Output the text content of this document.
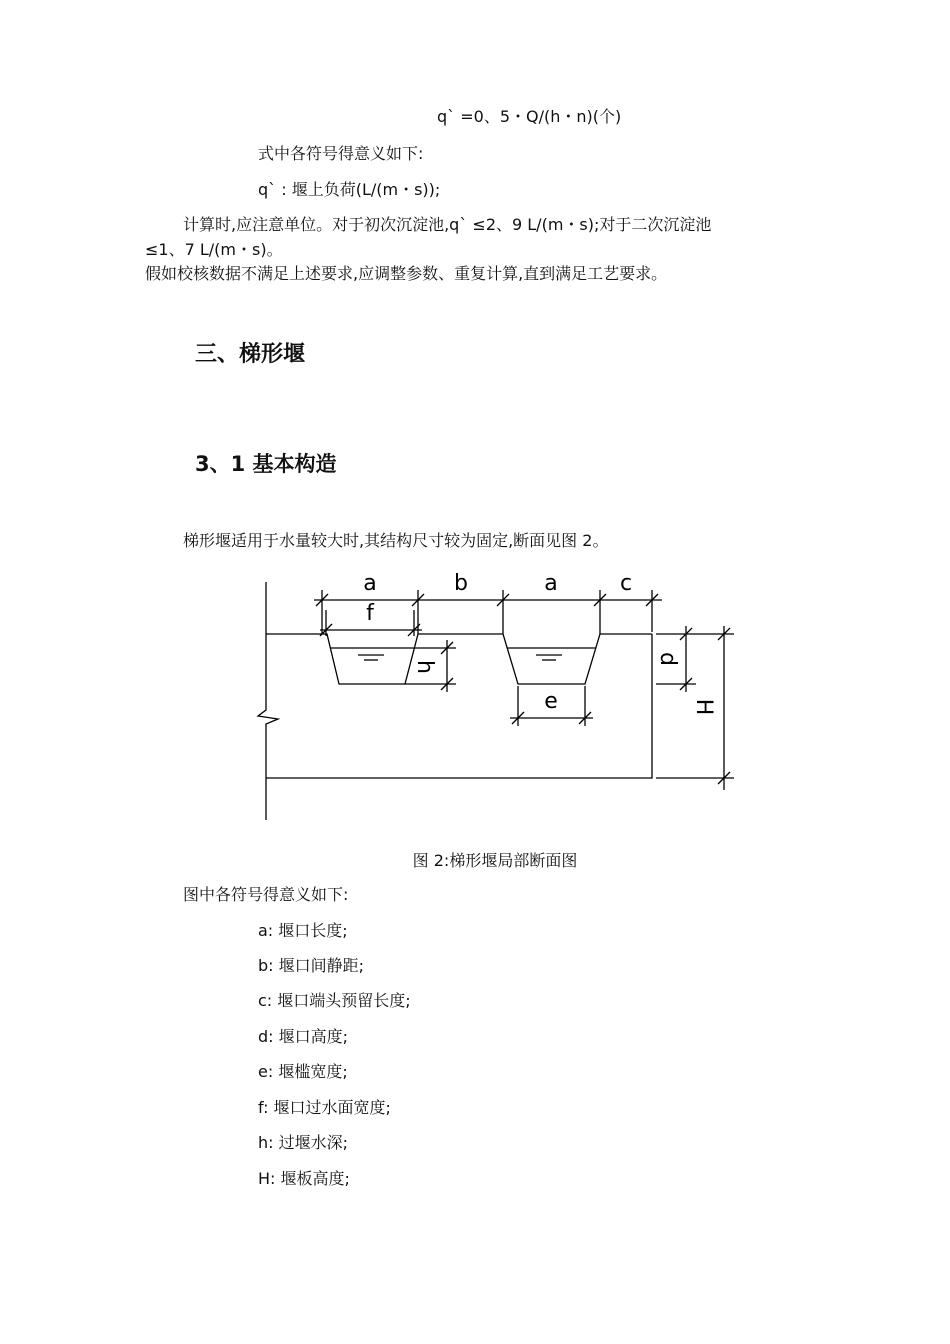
q` =0、5・Q/(h・n)(个)
式中各符号得意义如下:
q` : 堰上负荷(L/(m・s));
计算时,应注意单位。对于初次沉淀池,q` ≤2、9 L/(m・s);对于二次沉淀池
≤1、7 L/(m・s)。
假如校核数据不满足上述要求,应调整参数、重复计算,直到满足工艺要求。
三、梯形堰
3、1 基本构造
梯形堰适用于水量较大时,其结构尺寸较为固定,断面见图 2。
a	b	a	c
f
e
h
d
H
图 2:梯形堰局部断面图
图中各符号得意义如下:
a: 堰口长度;
b: 堰口间静距;
c: 堰口端头预留长度;
d: 堰口高度;
e: 堰槛宽度;
f: 堰口过水面宽度;
h: 过堰水深;
H: 堰板高度;
